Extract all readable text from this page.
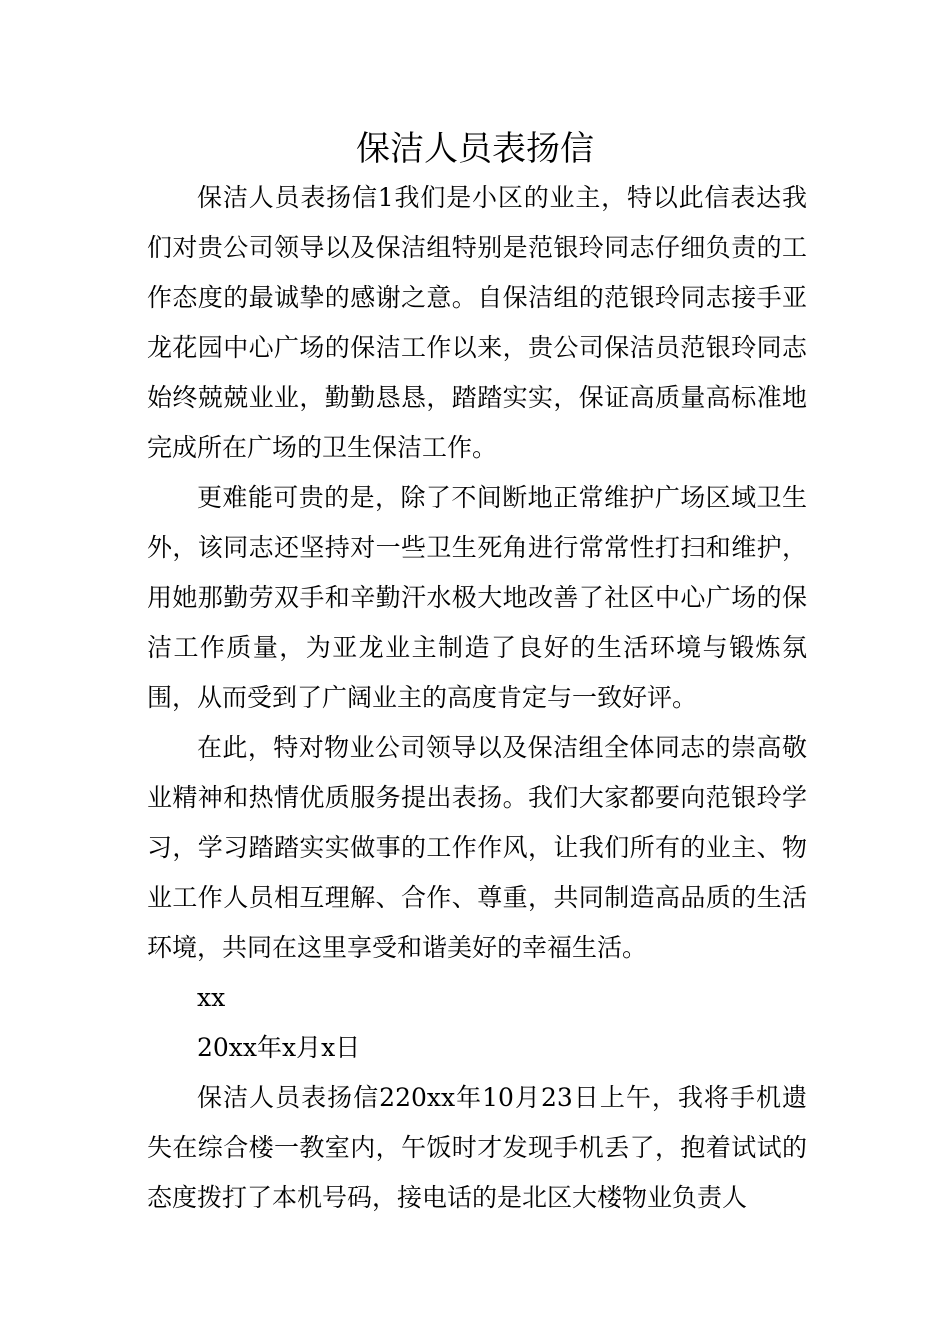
保洁人员表扬信

保洁人员表扬信1我们是小区的业主，特以此信表达我们对贵公司领导以及保洁组特别是范银玲同志仔细负责的工作态度的最诚挚的感谢之意。自保洁组的范银玲同志接手亚龙花园中心广场的保洁工作以来，贵公司保洁员范银玲同志始终兢兢业业，勤勤恳恳，踏踏实实，保证高质量高标准地完成所在广场的卫生保洁工作。

更难能可贵的是，除了不间断地正常维护广场区域卫生外，该同志还坚持对一些卫生死角进行常常性打扫和维护，用她那勤劳双手和辛勤汗水极大地改善了社区中心广场的保洁工作质量，为亚龙业主制造了良好的生活环境与锻炼氛围，从而受到了广阔业主的高度肯定与一致好评。

在此，特对物业公司领导以及保洁组全体同志的崇高敬业精神和热情优质服务提出表扬。我们大家都要向范银玲学习，学习踏踏实实做事的工作作风，让我们所有的业主、物业工作人员相互理解、合作、尊重，共同制造高品质的生活环境，共同在这里享受和谐美好的幸福生活。

xx

20xx年x月x日

保洁人员表扬信220xx年10月23日上午，我将手机遗失在综合楼一教室内，午饭时才发现手机丢了，抱着试试的态度拨打了本机号码，接电话的是北区大楼物业负责人
